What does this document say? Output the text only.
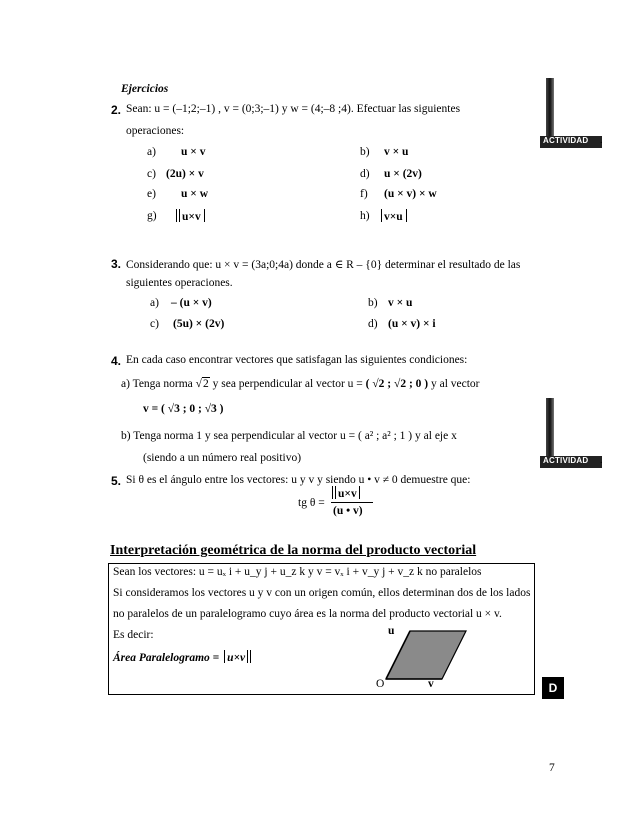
Ejercicios
ACTIVIDAD .
ACTIVIDAD .
2. Sean: u = (–1;2;–1) , v = (0;3;–1) y w = (4;–8 ;4). Efectuar las siguientes
operaciones:
a) u × v	b) v × u
c) (2u) × v	d) u × (2v)
e) u × w	f) (u × v) × w
g)	u×v	h)	v×u
3. Considerando que: u × v = (3a;0;4a) donde a ∈ R – {0} determinar el resultado de las
siguientes operaciones.
a) – (u × v)	b) v × u
c) (5u) × (2v)	d) (u × v) × i
4. En cada caso encontrar vectores que satisfagan las siguientes condiciones:
a) Tenga norma √2 y sea perpendicular al vector u = ( √2 ; √2 ; 0 ) y al vector
v = ( √3 ; 0 ; √3 )
b) Tenga norma 1 y sea perpendicular al vector u = ( a² ; a² ; 1 ) y al eje x
(siendo a un número real positivo)
5. Si θ es el ángulo entre los vectores: u y v y siendo u • v ≠ 0 demuestre que:
tg θ =
u×v
(u • v)
Interpretación geométrica de la norma del producto vectorial
Sean los vectores: u = uₓ i + u_y j + u_z k y v = vₓ i + v_y j + v_z k no paralelos
Si consideramos los vectores u y v con un origen común, ellos determinan dos de los lados
no paralelos de un paralelogramo cuyo área es la norma del producto vectorial u × v.
Es decir:
Área Paralelogramo = u×v
u
O	v	D
7
